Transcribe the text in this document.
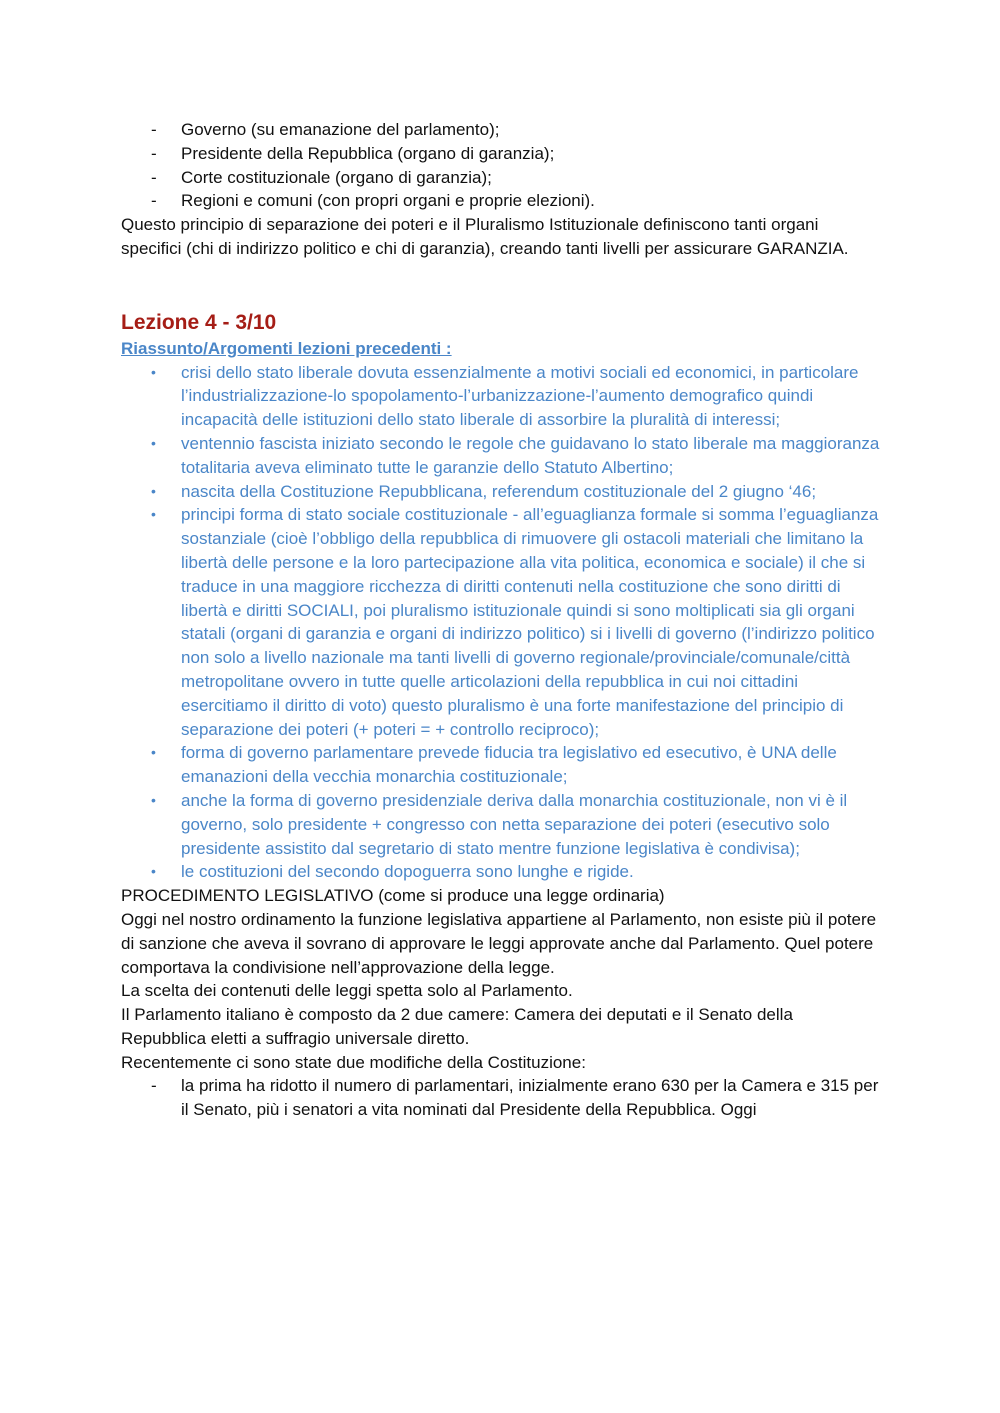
- Governo (su emanazione del parlamento);
- Presidente della Repubblica (organo di garanzia);
- Corte costituzionale (organo di garanzia);
- Regioni e comuni (con propri organi e proprie elezioni).

Questo principio di separazione dei poteri e il Pluralismo Istituzionale definiscono tanti organi specifici (chi di indirizzo politico e chi di garanzia), creando tanti livelli per assicurare GARANZIA.

Lezione 4 - 3/10

Riassunto/Argomenti lezioni precedenti :

• crisi dello stato liberale dovuta essenzialmente a motivi sociali ed economici, in particolare l’industrializzazione-lo spopolamento-l’urbanizzazione-l’aumento demografico quindi incapacità delle istituzioni dello stato liberale di assorbire la pluralità di interessi;
• ventennio fascista iniziato secondo le regole che guidavano lo stato liberale ma maggioranza totalitaria aveva eliminato tutte le garanzie dello Statuto Albertino;
• nascita della Costituzione Repubblicana, referendum costituzionale del 2 giugno ‘46;
• principi forma di stato sociale costituzionale - all’eguaglianza formale si somma l’eguaglianza sostanziale (cioè l’obbligo della repubblica di rimuovere gli ostacoli materiali che limitano la libertà delle persone e la loro partecipazione alla vita politica, economica e sociale) il che si traduce in una maggiore ricchezza di diritti contenuti nella costituzione che sono diritti di libertà e diritti SOCIALI, poi pluralismo istituzionale quindi si sono moltiplicati sia gli organi statali (organi di garanzia e organi di indirizzo politico) si i livelli di governo (l’indirizzo politico non solo a livello nazionale ma tanti livelli di governo regionale/provinciale/comunale/città metropolitane ovvero in tutte quelle articolazioni della repubblica in cui noi cittadini esercitiamo il diritto di voto) questo pluralismo è una forte manifestazione del principio di separazione dei poteri (+ poteri = + controllo reciproco);
• forma di governo parlamentare prevede fiducia tra legislativo ed esecutivo, è UNA delle emanazioni della vecchia monarchia costituzionale;
• anche la forma di governo presidenziale deriva dalla monarchia costituzionale, non vi è il governo, solo presidente + congresso con netta separazione dei poteri (esecutivo solo presidente assistito dal segretario di stato mentre funzione legislativa è condivisa);
• le costituzioni del secondo dopoguerra sono lunghe e rigide.

PROCEDIMENTO LEGISLATIVO (come si produce una legge ordinaria)

Oggi nel nostro ordinamento la funzione legislativa appartiene al Parlamento, non esiste più il potere di sanzione che aveva il sovrano di approvare le leggi approvate anche dal Parlamento. Quel potere comportava la condivisione nell’approvazione della legge.

La scelta dei contenuti delle leggi spetta solo al Parlamento.

Il Parlamento italiano è composto da 2 due camere: Camera dei deputati e il Senato della Repubblica eletti a suffragio universale diretto.

Recentemente ci sono state due modifiche della Costituzione:

- la prima ha ridotto il numero di parlamentari, inizialmente erano 630 per la Camera e 315 per il Senato, più i senatori a vita nominati dal Presidente della Repubblica. Oggi
